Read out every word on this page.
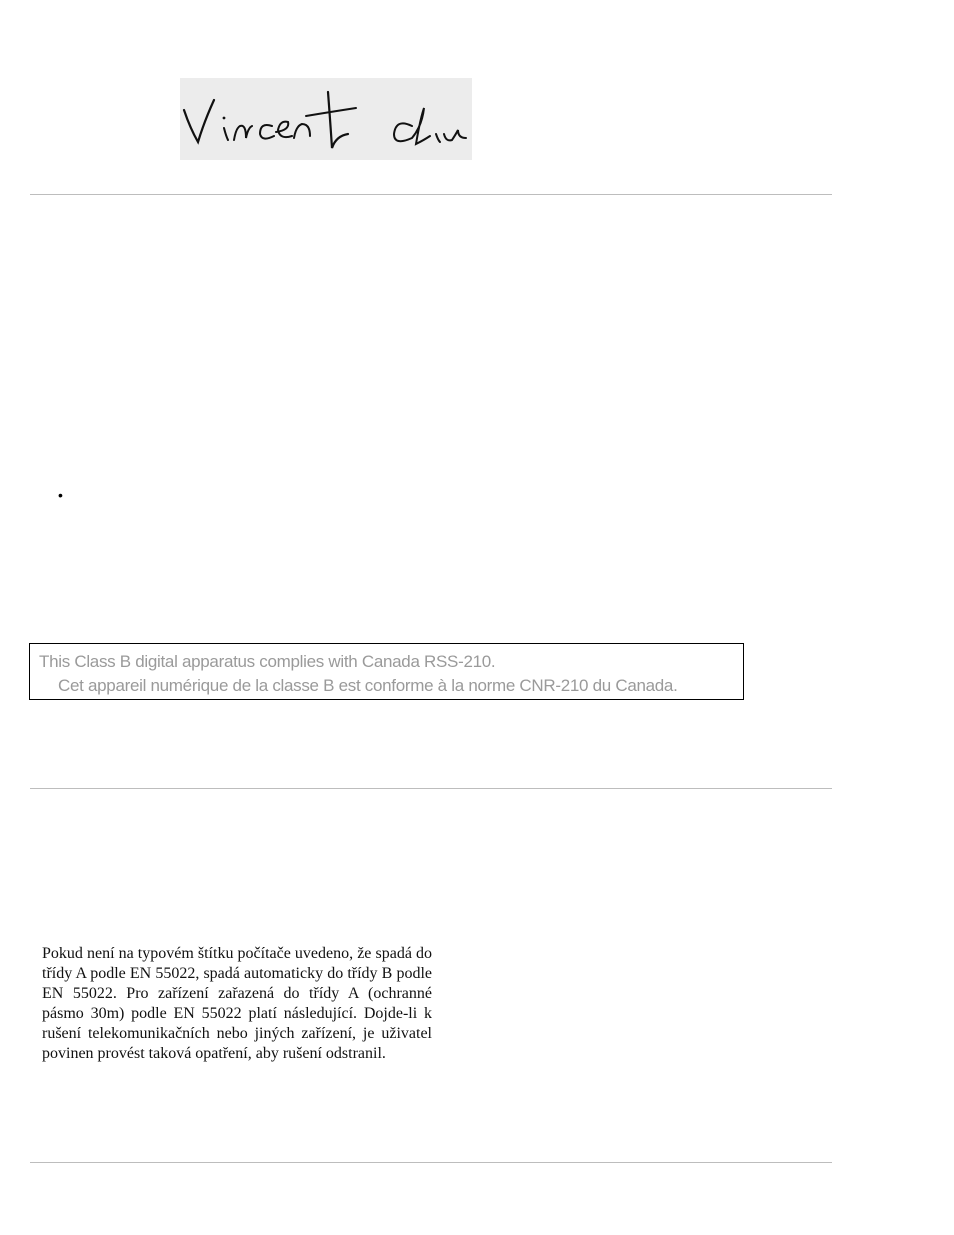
•
This Class B digital apparatus complies with Canada RSS-210.
Cet appareil numérique de la classe B est conforme à la norme CNR-210 du Canada.
Pokud není na typovém štítku počítače uvedeno, že spadá do třídy A podle EN 55022, spadá automaticky do třídy B podle EN 55022. Pro zařízení zařazená do třídy A (ochranné pásmo 30m) podle EN 55022 platí následující. Dojde-li k rušení telekomunikačních nebo jiných zařízení, je uživatel povinen provést taková opatření, aby rušení odstranil.
